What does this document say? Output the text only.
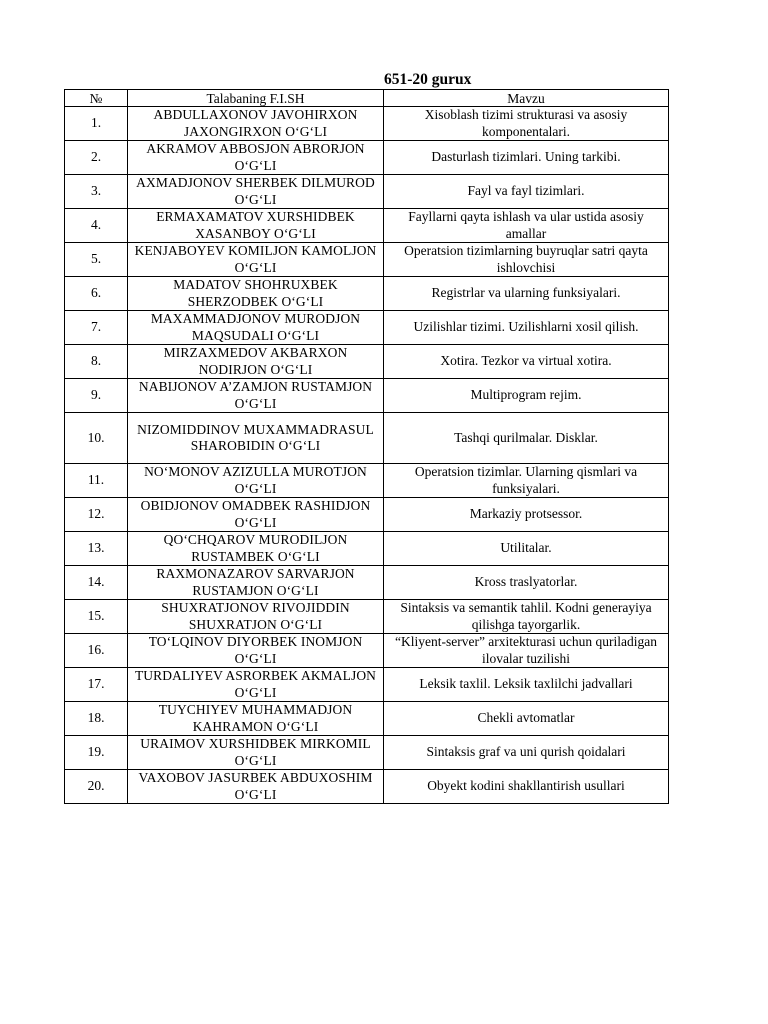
651-20 gurux
№	Talabaning F.I.SH	Mavzu
1.	ABDULLAXONOV JAVOHIRXON JAXONGIRXON O‘G‘LI	Xisoblash tizimi strukturasi va asosiy komponentalari.
2.	AKRAMOV ABBOSJON ABRORJON O‘G‘LI	Dasturlash tizimlari. Uning tarkibi.
3.	AXMADJONOV SHERBEK DILMUROD O‘G‘LI	Fayl va fayl tizimlari.
4.	ERMAXAMATOV XURSHIDBEK XASANBOY O‘G‘LI	Fayllarni qayta ishlash va ular ustida asosiy amallar
5.	KENJABOYEV KOMILJON KAMOLJON O‘G‘LI	Operatsion tizimlarning buyruqlar satri qayta ishlovchisi
6.	MADATOV SHOHRUXBEK SHERZODBEK O‘G‘LI	Registrlar va ularning funksiyalari.
7.	MAXAMMADJONOV MURODJON MAQSUDALI O‘G‘LI	Uzilishlar tizimi. Uzilishlarni xosil qilish.
8.	MIRZAXMEDOV AKBARXON NODIRJON O‘G‘LI	Xotira. Tezkor va virtual xotira.
9.	NABIJONOV A’ZAMJON RUSTAMJON O‘G‘LI	Multiprogram rejim.
10.	NIZOMIDDINOV MUXAMMADRASUL SHAROBIDIN O‘G‘LI	Tashqi qurilmalar. Disklar.
11.	NO‘MONOV AZIZULLA MUROTJON O‘G‘LI	Operatsion tizimlar. Ularning qismlari va funksiyalari.
12.	OBIDJONOV OMADBEK RASHIDJON O‘G‘LI	Markaziy protsessor.
13.	QO‘CHQAROV MURODILJON RUSTAMBEK O‘G‘LI	Utilitalar.
14.	RAXMONAZAROV SARVARJON RUSTAMJON O‘G‘LI	Kross traslyatorlar.
15.	SHUXRATJONOV RIVOJIDDIN SHUXRATJON O‘G‘LI	Sintaksis va semantik tahlil. Kodni generayiya qilishga tayorgarlik.
16.	TO‘LQINOV DIYORBEK INOMJON O‘G‘LI	“Kliyent-server” arxitekturasi uchun quriladigan ilovalar tuzilishi
17.	TURDALIYEV ASRORBEK AKMALJON O‘G‘LI	Leksik taxlil. Leksik taxlilchi jadvallari
18.	TUYCHIYEV MUHAMMADJON KAHRAMON O‘G‘LI	Chekli avtomatlar
19.	URAIMOV XURSHIDBEK MIRKOMIL O‘G‘LI	Sintaksis graf va uni qurish qoidalari
20.	VAXOBOV JASURBEK ABDUXOSHIM O‘G‘LI	Obyekt kodini shakllantirish usullari
